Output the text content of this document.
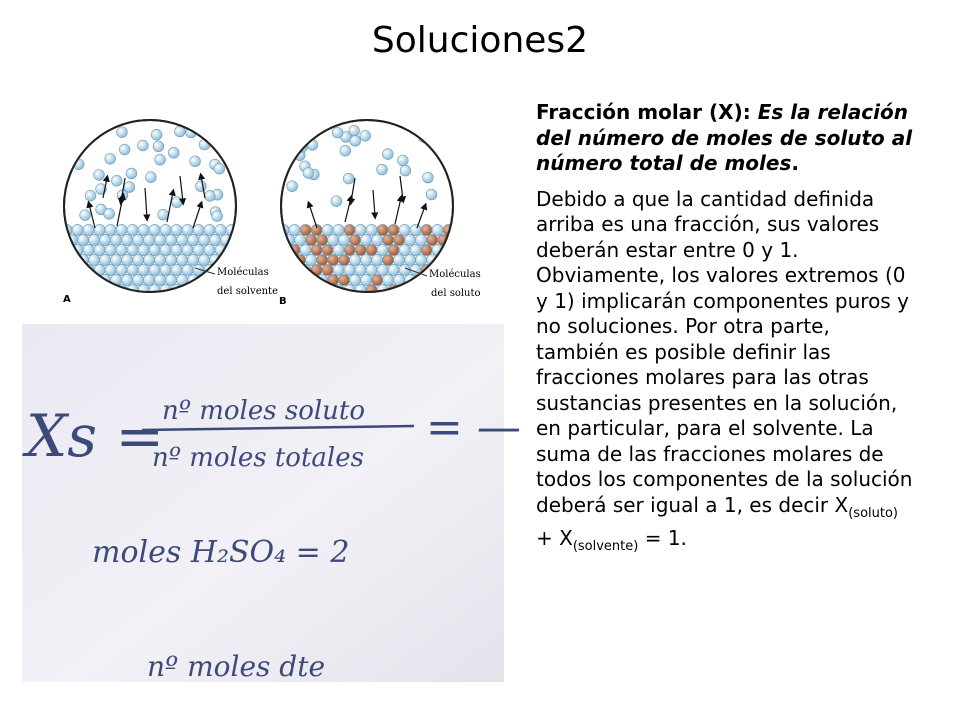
Soluciones2
Moléculas
del solvente
A
Moléculas
del soluto
B
Xs =
nº moles soluto
nº moles totales
= —
moles H₂SO₄ = 2
nº moles dte

Fracción molar (X): Es la relación del número de moles de soluto al número total de moles.

Debido a que la cantidad definida arriba es una fracción, sus valores deberán estar entre 0 y 1. Obviamente, los valores extremos (0 y 1) implicarán componentes puros y no soluciones. Por otra parte, también es posible definir las fracciones molares para las otras sustancias presentes en la solución, en particular, para el solvente. La suma de las fracciones molares de todos los componentes de la solución deberá ser igual a 1, es decir $X_{(soluto)} + X_{(solvente)} = 1$.
